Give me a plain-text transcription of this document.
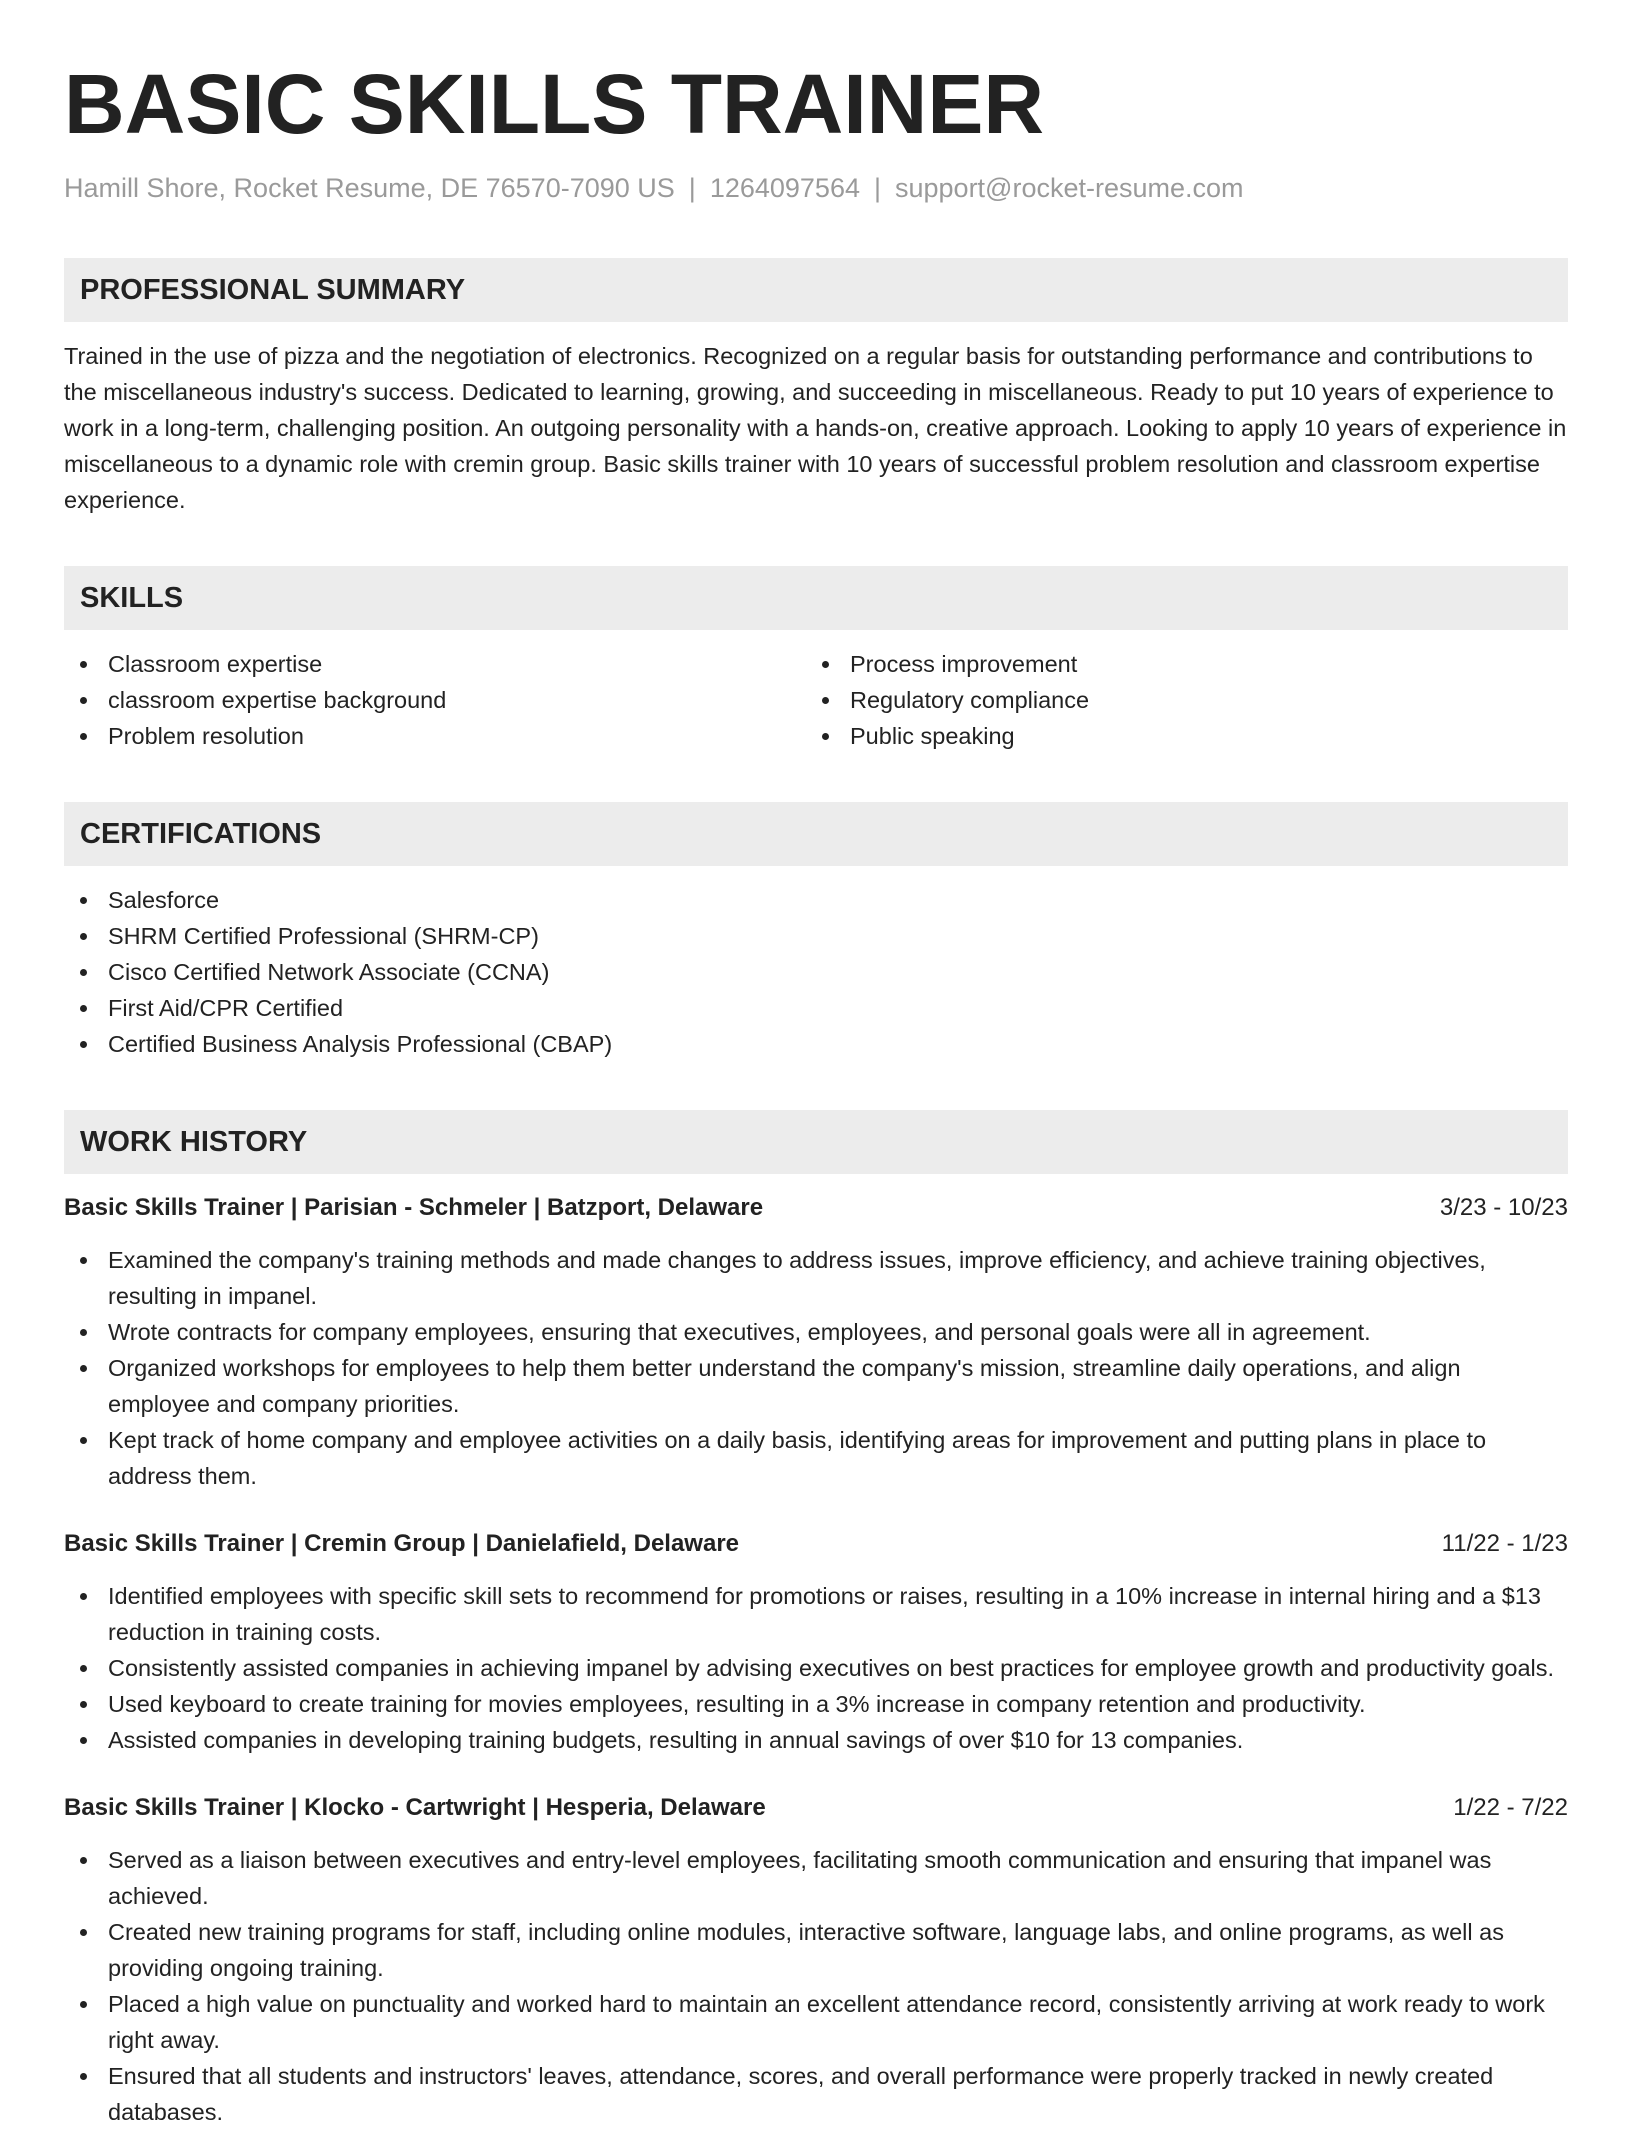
BASIC SKILLS TRAINER
Hamill Shore, Rocket Resume, DE 76570-7090 US | 1264097564 | support@rocket-resume.com
PROFESSIONAL SUMMARY
Trained in the use of pizza and the negotiation of electronics. Recognized on a regular basis for outstanding performance and contributions to the miscellaneous industry's success. Dedicated to learning, growing, and succeeding in miscellaneous. Ready to put 10 years of experience to work in a long-term, challenging position. An outgoing personality with a hands-on, creative approach. Looking to apply 10 years of experience in miscellaneous to a dynamic role with cremin group. Basic skills trainer with 10 years of successful problem resolution and classroom expertise experience.
SKILLS
Classroom expertise
classroom expertise background
Problem resolution
Process improvement
Regulatory compliance
Public speaking
CERTIFICATIONS
Salesforce
SHRM Certified Professional (SHRM-CP)
Cisco Certified Network Associate (CCNA)
First Aid/CPR Certified
Certified Business Analysis Professional (CBAP)
WORK HISTORY
Basic Skills Trainer | Parisian - Schmeler | Batzport, Delaware	3/23 - 10/23
Examined the company's training methods and made changes to address issues, improve efficiency, and achieve training objectives, resulting in impanel.
Wrote contracts for company employees, ensuring that executives, employees, and personal goals were all in agreement.
Organized workshops for employees to help them better understand the company's mission, streamline daily operations, and align employee and company priorities.
Kept track of home company and employee activities on a daily basis, identifying areas for improvement and putting plans in place to address them.
Basic Skills Trainer | Cremin Group | Danielafield, Delaware	11/22 - 1/23
Identified employees with specific skill sets to recommend for promotions or raises, resulting in a 10% increase in internal hiring and a $13 reduction in training costs.
Consistently assisted companies in achieving impanel by advising executives on best practices for employee growth and productivity goals.
Used keyboard to create training for movies employees, resulting in a 3% increase in company retention and productivity.
Assisted companies in developing training budgets, resulting in annual savings of over $10 for 13 companies.
Basic Skills Trainer | Klocko - Cartwright | Hesperia, Delaware	1/22 - 7/22
Served as a liaison between executives and entry-level employees, facilitating smooth communication and ensuring that impanel was achieved.
Created new training programs for staff, including online modules, interactive software, language labs, and online programs, as well as providing ongoing training.
Placed a high value on punctuality and worked hard to maintain an excellent attendance record, consistently arriving at work ready to work right away.
Ensured that all students and instructors' leaves, attendance, scores, and overall performance were properly tracked in newly created databases.
